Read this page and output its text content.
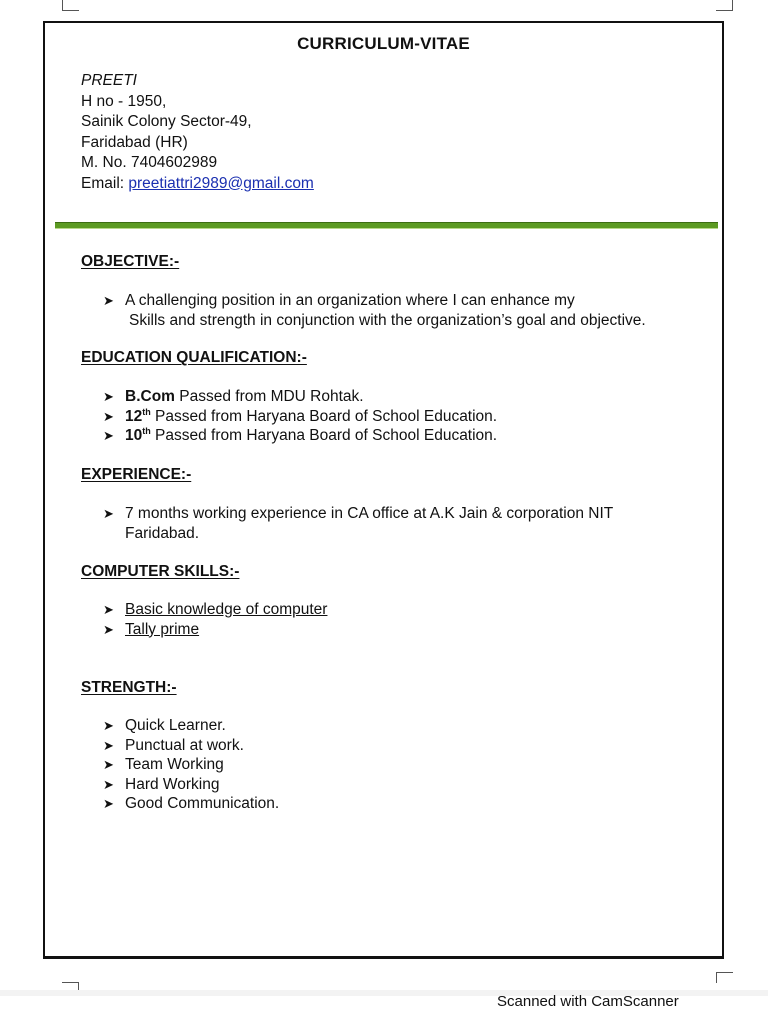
CURRICULUM-VITAE
PREETI
H no - 1950,
Sainik Colony Sector-49,
Faridabad (HR)
M. No. 7404602989
Email: preetiattri2989@gmail.com
OBJECTIVE:-
➤ A challenging position in an organization where I can enhance my
Skills and strength in conjunction with the organization’s goal and objective.
EDUCATION QUALIFICATION:-
➤ B.Com Passed from MDU Rohtak.
➤ 12th Passed from Haryana Board of School Education.
➤ 10th Passed from Haryana Board of School Education.
EXPERIENCE:-
➤ 7 months working experience in CA office at A.K Jain & corporation NIT
Faridabad.
COMPUTER SKILLS:-
➤ Basic knowledge of computer
➤ Tally prime
STRENGTH:-
➤ Quick Learner.
➤ Punctual at work.
➤ Team Working
➤ Hard Working
➤ Good Communication.
Scanned with CamScanner
